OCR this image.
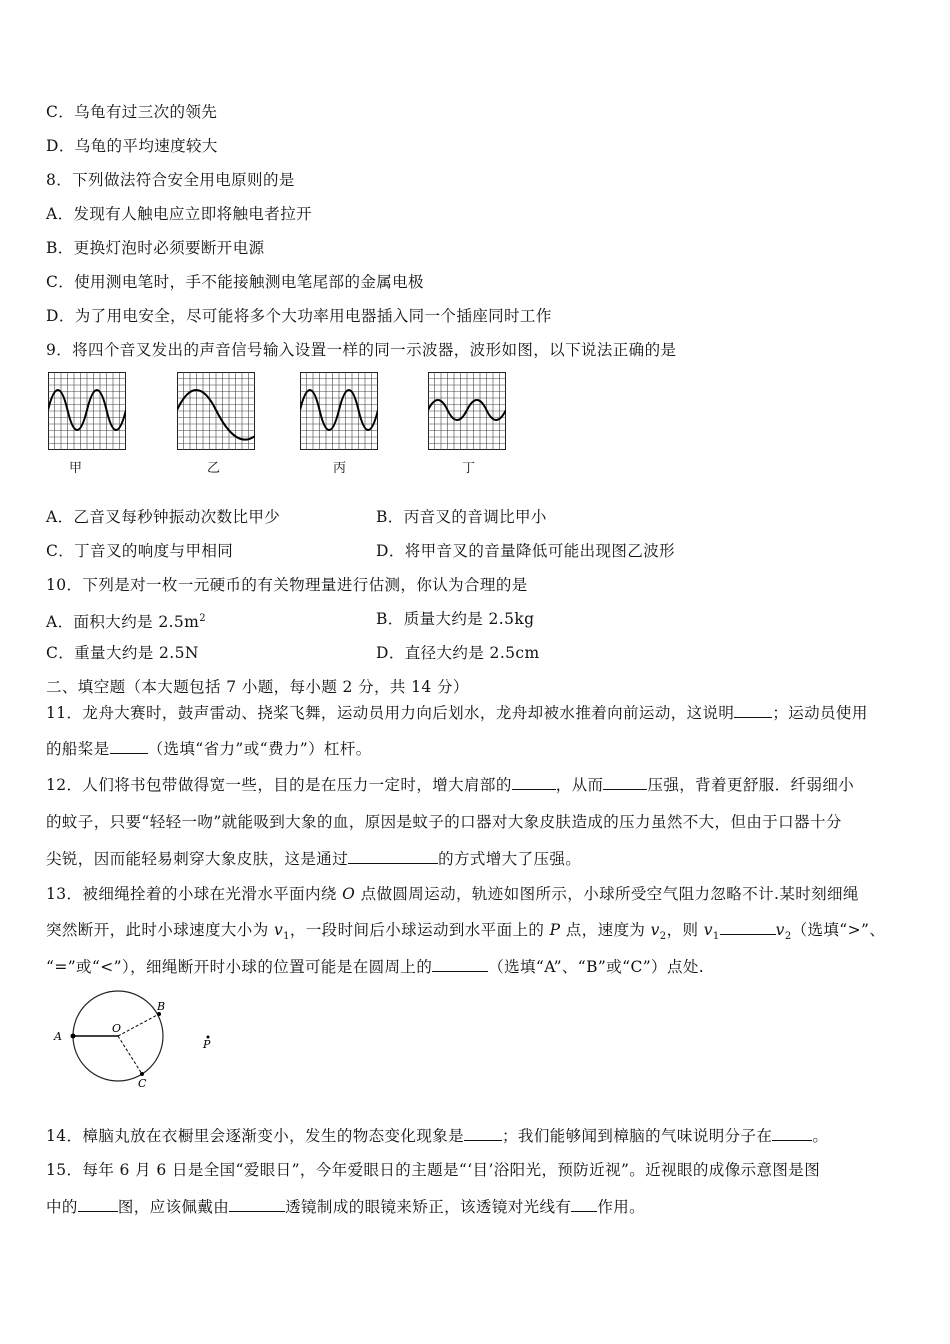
C．乌龟有过三次的领先
D．乌龟的平均速度较大
8．下列做法符合安全用电原则的是
A．发现有人触电应立即将触电者拉开
B．更换灯泡时必须要断开电源
C．使用测电笔时，手不能接触测电笔尾部的金属电极
D．为了用电安全，尽可能将多个大功率用电器插入同一个插座同时工作
9．将四个音叉发出的声音信号输入设置一样的同一示波器，波形如图，以下说法正确的是
甲	乙	丙	丁
A．乙音叉每秒钟振动次数比甲少	B．丙音叉的音调比甲小
C．丁音叉的响度与甲相同	D．将甲音叉的音量降低可能出现图乙波形
10．下列是对一枚一元硬币的有关物理量进行估测，你认为合理的是
A．面积大约是 $2.5m^2$	B．质量大约是 2.5kg
C．重量大约是 2.5N	D．直径大约是 2.5cm
二、填空题（本大题包括 7 小题，每小题 2 分，共 14 分）
11．龙舟大赛时，鼓声雷动、挠桨飞舞，运动员用力向后划水，龙舟却被水推着向前运动，这说明 ；运动员使用
的船桨是 （选填“省力”或“费力”）杠杆。
12．人们将书包带做得宽一些，目的是在压力一定时，增大肩部的	，从而	压强，背着更舒服．纤弱细小
的蚊子，只要“轻轻一吻”就能吸到大象的血，原因是蚊子的口器对大象皮肤造成的压力虽然不大，但由于口器十分
尖锐，因而能轻易刺穿大象皮肤，这是通过	的方式增大了压强。
13．被细绳拴着的小球在光滑水平面内绕 O 点做圆周运动，轨迹如图所示，小球所受空气阻力忽略不计.某时刻细绳
突然断开，此时小球速度大小为 $v_1$，一段时间后小球运动到水平面上的 P 点，速度为 $v_2$，则 $v_1$	$v_2$（选填“>”、
“=”或“<”），细绳断开时小球的位置可能是在圆周上的	（选填“A”、“B”或“C”）点处.
A
O
B
C
P
14．樟脑丸放在衣橱里会逐渐变小，发生的物态变化现象是 ；我们能够闻到樟脑的气味说明分子在	。
15．每年 6 月 6 日是全国“爱眼日”，今年爱眼日的主题是“‘目’浴阳光，预防近视”。近视眼的成像示意图是图
中的	图，应该佩戴由	透镜制成的眼镜来矫正，该透镜对光线有 作用。
